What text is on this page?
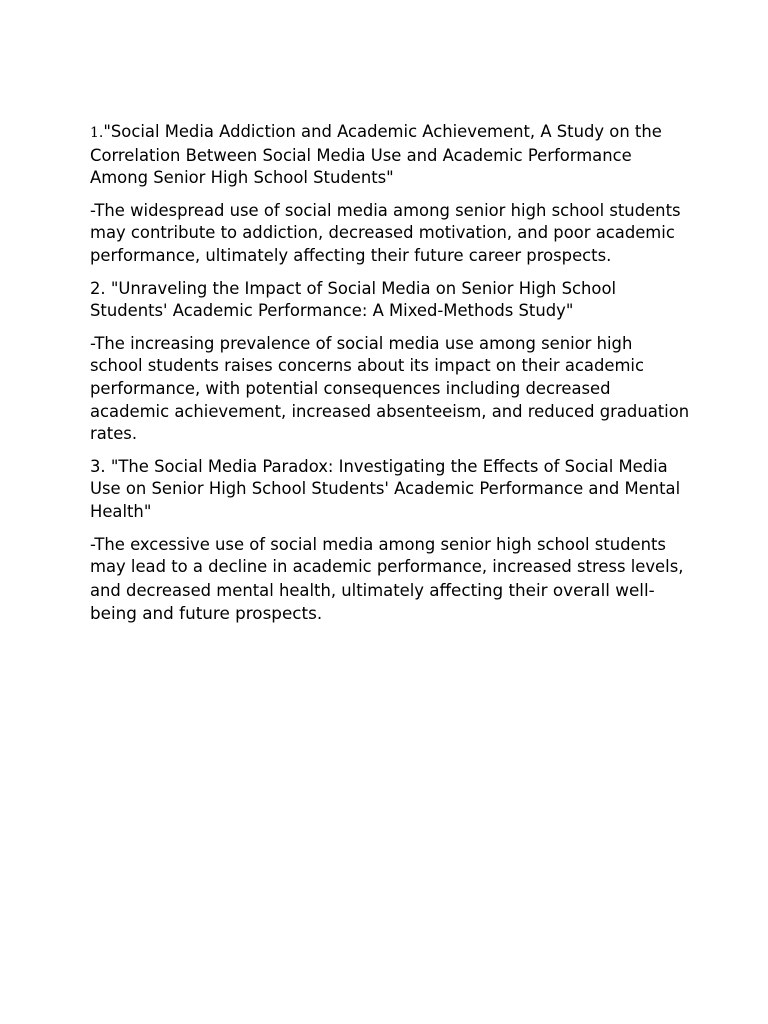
1."Social Media Addiction and Academic Achievement, A Study on the Correlation Between Social Media Use and Academic Performance Among Senior High School Students"

-The widespread use of social media among senior high school students may contribute to addiction, decreased motivation, and poor academic performance, ultimately affecting their future career prospects.

2. "Unraveling the Impact of Social Media on Senior High School Students' Academic Performance: A Mixed-Methods Study"

-The increasing prevalence of social media use among senior high school students raises concerns about its impact on their academic performance, with potential consequences including decreased academic achievement, increased absenteeism, and reduced graduation rates.

3. "The Social Media Paradox: Investigating the Effects of Social Media Use on Senior High School Students' Academic Performance and Mental Health"

-The excessive use of social media among senior high school students may lead to a decline in academic performance, increased stress levels, and decreased mental health, ultimately affecting their overall well-being and future prospects.
